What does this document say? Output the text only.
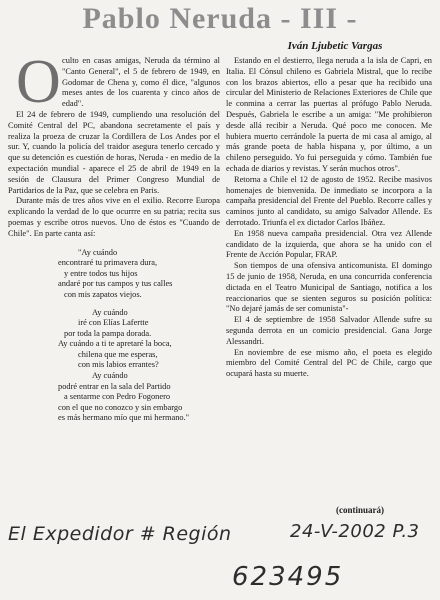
Pablo Neruda - III -
Iván Ljubetic Vargas
O culto en casas amigas, Neruda da término al "Canto General", el 5 de febrero de 1949, en Godomar de Chena y, como él dice, "algunos meses antes de los cuarenta y cinco años de edad".

El 24 de febrero de 1949, cumpliendo una resolución del Comité Central del PC, abandona secretamente el país y realiza la proeza de cruzar la Cordillera de Los Andes por el sur. Y, cuando la policía del traidor asegura tenerlo cercado y que su detención es cuestión de horas, Neruda - en medio de la expectación mundial - aparece el 25 de abril de 1949 en la sesión de Clausura del Primer Congreso Mundial de Partidarios de la Paz, que se celebra en Paris.

Durante más de tres años vive en el exilio. Recorre Europa explicando la verdad de lo que ocurrre en su patria; recita sus poemas y escribe otros nuevos. Uno de éstos es "Cuando de Chile". En parte canta así:

"Ay cuándo
encontraré tu primavera dura,
y entre todos tus hijos
andaré por tus campos y tus calles
con mis zapatos viejos.
Ay cuándo
iré con Elías Lafertte
por toda la pampa dorada.
Ay cuándo a ti te apretaré la boca,
chilena que me esperas,
con mis labios errantes?
Ay cuándo
podré entrar en la sala del Partido
a sentarme con Pedro Fogonero
con el que no conozco y sin embargo
es más hermano mío que mi hermano."

Estando en el destierro, llega neruda a la isla de Capri, en Italia. El Cónsul chileno es Gabriela Mistral, que lo recibe con los brazos abiertos, ello a pesar que ha recibido una circular del Ministerio de Relaciones Exteriores de Chile que le conmina a cerrar las puertas al prófugo Pablo Neruda. Después, Gabriela le escribe a un amiga: "Me prohibieron desde allá recibir a Neruda. Qué poco me conocen. Me hubiera muerto cerrándole la puerta de mi casa al amigo, al más grande poeta de habla hispana y, por último, a un chileno perseguido. Yo fui perseguida y cómo. También fue echada de diarios y revistas. Y serán muchos otros".

Retorna a Chile el 12 de agosto de 1952. Recibe masivos homenajes de bienvenida. De inmediato se incorpora a la campaña presidencial del Frente del Pueblo. Recorre calles y caminos junto al candidato, su amigo Salvador Allende. Es derrotado. Triunfa el ex dictador Carlos Ibáñez.

En 1958 nueva campaña presidencial. Otra vez Allende candidato de la izquierda, que ahora se ha unido con el Frente de Acción Popular, FRAP.

Son tiempos de una ofensiva anticomunista. El domingo 15 de junio de 1958, Neruda, en una concurrida conferencia dictada en el Teatro Municipal de Santiago, notifica a los reaccionarios que se sienten seguros su posición política: "No dejaré jamás de ser comunista"-

El 4 de septiembre de 1958 Salvador Allende sufre su segunda derrota en un comicio presidencial. Gana Jorge Alessandri.

En noviembre de ese mismo año, el poeta es elegido miembro del Comité Central del PC de Chile, cargo que ocupará hasta su muerte.

(continuará)
El Expedidor # Región	24-V-2002 P.3
623495
